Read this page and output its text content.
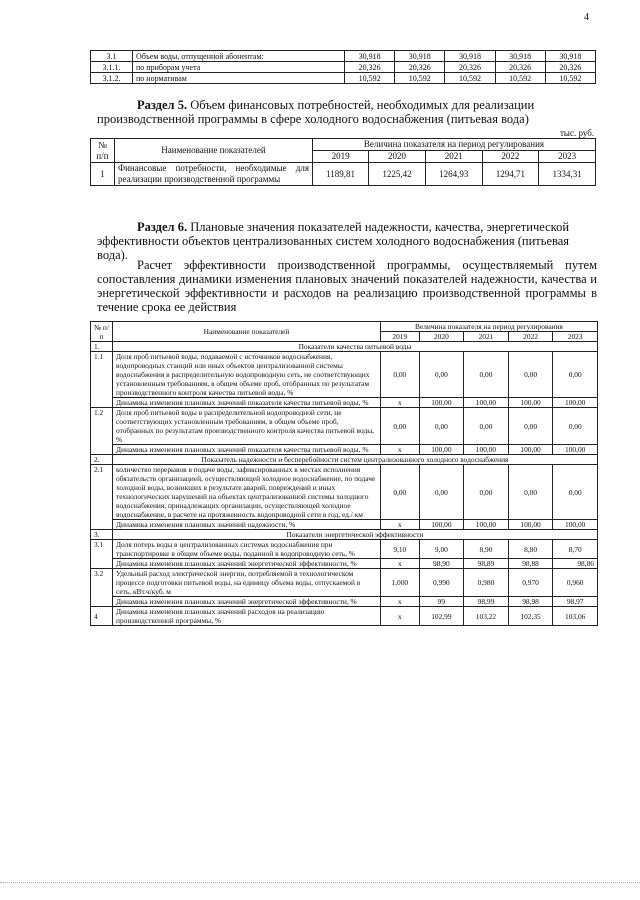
4
3.1	Объем воды, отпущенной абонентам:	30,918	30,918	30,918	30,918	30,918
3.1.1.	по приборам учета	20,326	20,326	20,326	20,326	20,326
3.1.2.	по нормативам	10,592	10,592	10,592	10,592	10,592

Раздел 5. Объем финансовых потребностей, необходимых для реализации производственной программы в сфере холодного водоснабжения (питьевая вода)

тыс. руб.
№ п/п	Наименование показателей	Величина показателя на период регулирования				
		2019	2020	2021	2022	2023
1	Финансовые потребности, необходимые для реализации производственной программы	1189,81	1225,42	1264,93	1294,71	1334,31

Раздел 6. Плановые значения показателей надежности, качества, энергетической эффективности объектов централизованных систем холодного водоснабжения (питьевая вода).

Расчет эффективности производственной программы, осуществляемый путем сопоставления динамики изменения плановых значений показателей надежности, качества и энергетической эффективности и расходов на реализацию производственной программы в течение срока ее действия

№ п/п	Наименование показателей	Величина показателя на период регулирования				
		2019	2020	2021	2022	2023
1.	Показатели качества питьевой воды					
1.1	Доля проб питьевой воды, подаваемой с источников водоснабжения, водопроводных станций или иных объектов централизованной системы водоснабжения в распределительную водопроводную сеть, не соответствующих установленным требованиям, в общем объеме проб, отобранных по результатам производственного контроля качества питьевой воды, %	0,00	0,00	0,00	0,00	0,00
	Динамика изменения плановых значений показателя качества питьевой воды, %	x	100,00	100,00	100,00	100,00
1.2	Доля проб питьевой воды в распределительной водопроводной сети, не соответствующих установленным требованиям, в общем объеме проб, отобранных по результатам производственного контроля качества питьевой воды, %	0,00	0,00	0,00	0,00	0,00
	Динамика изменения плановых значений показателя качества питьевой воды, %	x	100,00	100,00	100,00	100,00
2.	Показатель надежности и бесперебойности систем централизованного холодного водоснабжения					
2.1	количество перерывов в подаче воды, зафиксированных в местах исполнения обязательств организацией, осуществляющей холодное водоснабжение, по подаче холодной воды, возникших в результате аварий, повреждений и иных технологических нарушений на объектах централизованной системы холодного водоснабжения, принадлежащих организации, осуществляющей холодное водоснабжение, в расчете на протяженность водопроводной сети в год, ед./ км	0,00	0,00	0,00	0,00	0,00
	Динамика изменения плановых значений надежности, %	x	100,00	100,00	100,00	100,00
3.	Показатели энергетической эффективности					
3.1	Доля потерь воды в централизованных системах водоснабжения при транспортировке в общем объеме воды, поданной в водопроводную сеть, %	9,10	9,00	8,90	8,80	8,70
	Динамика изменения плановых значений энергетической эффективности, %	x	98,90	98,89	98,88	98,86
3.2	Удельный расход электрической энергии, потребляемой в технологическом процессе подготовки питьевой воды, на единицу объема воды, отпускаемой в сеть, кВт.ч/куб. м	1,000	0,990	0,980	0,970	0,960
	Динамика изменения плановых значений энергетической эффективности, %	x	99	98,99	98,98	98,97
4	Динамика изменения плановых значений расходов на реализацию производственной программы, %	x	102,99	103,22	102,35	103,06
